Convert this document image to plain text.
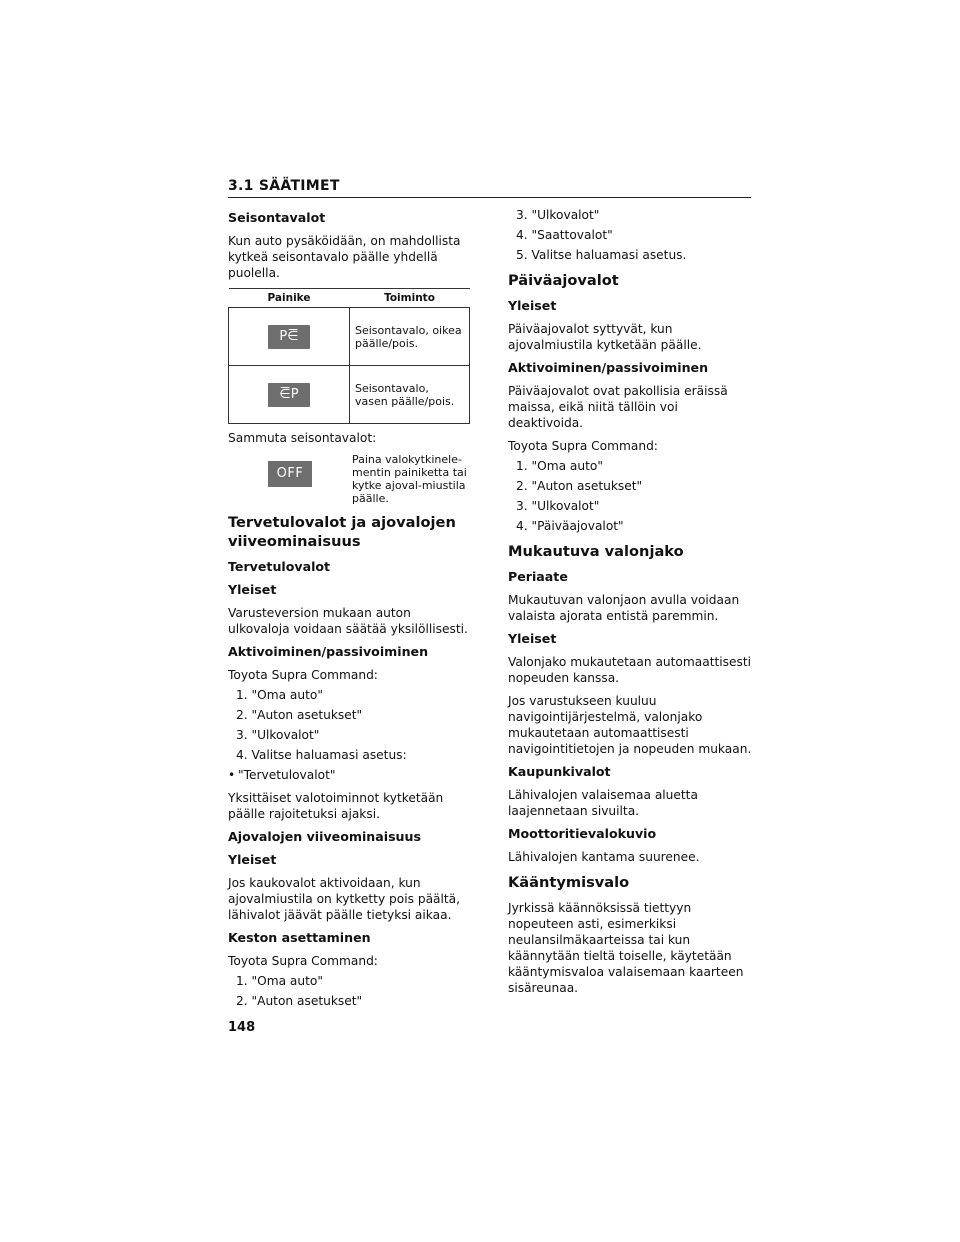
3.1 SÄÄTIMET
Seisontavalot

Kun auto pysäköidään, on mahdollista kytkeä seisontavalo päälle yhdellä puolella.

Painike	Toiminto
P⋶	Seisontavalo, oikea päälle/pois.
⋶P	Seisontavalo, vasen päälle/pois.

Sammuta seisontavalot:

OFF
Paina valokytkinele-mentin painiketta tai kytke ajoval-miustila päälle.
Tervetulovalot ja ajovalojen viiveominaisuus
Tervetulovalot
Yleiset

Varusteversion mukaan auton ulkovaloja voidaan säätää yksilöllisesti.

Aktivoiminen/passivoiminen

Toyota Supra Command:

1. "Oma auto"
2. "Auton asetukset"
3. "Ulkovalot"
4. Valitse haluamasi asetus:
• "Tervetulovalot"

Yksittäiset valotoiminnot kytketään päälle rajoitetuksi ajaksi.

Ajovalojen viiveominaisuus
Yleiset

Jos kaukovalot aktivoidaan, kun ajovalmiustila on kytketty pois päältä, lähivalot jäävät päälle tietyksi aikaa.

Keston asettaminen

Toyota Supra Command:

1. "Oma auto"
2. "Auton asetukset"
3. "Ulkovalot"
4. "Saattovalot"
5. Valitse haluamasi asetus.
Päiväajovalot
Yleiset

Päiväajovalot syttyvät, kun ajovalmiustila kytketään päälle.

Aktivoiminen/passivoiminen

Päiväajovalot ovat pakollisia eräissä maissa, eikä niitä tällöin voi deaktivoida.

Toyota Supra Command:

1. "Oma auto"
2. "Auton asetukset"
3. "Ulkovalot"
4. "Päiväajovalot"
Mukautuva valonjako
Periaate

Mukautuvan valonjaon avulla voidaan valaista ajorata entistä paremmin.

Yleiset

Valonjako mukautetaan automaattisesti nopeuden kanssa.

Jos varustukseen kuuluu navigointijärjestelmä, valonjako mukautetaan automaattisesti navigointitietojen ja nopeuden mukaan.

Kaupunkivalot

Lähivalojen valaisemaa aluetta laajennetaan sivuilta.

Moottoritievalokuvio

Lähivalojen kantama suurenee.

Kääntymisvalo

Jyrkissä käännöksissä tiettyyn nopeuteen asti, esimerkiksi neulansilmäkaarteissa tai kun käännytään tieltä toiselle, käytetään kääntymisvaloa valaisemaan kaarteen sisäreunaa.

148
